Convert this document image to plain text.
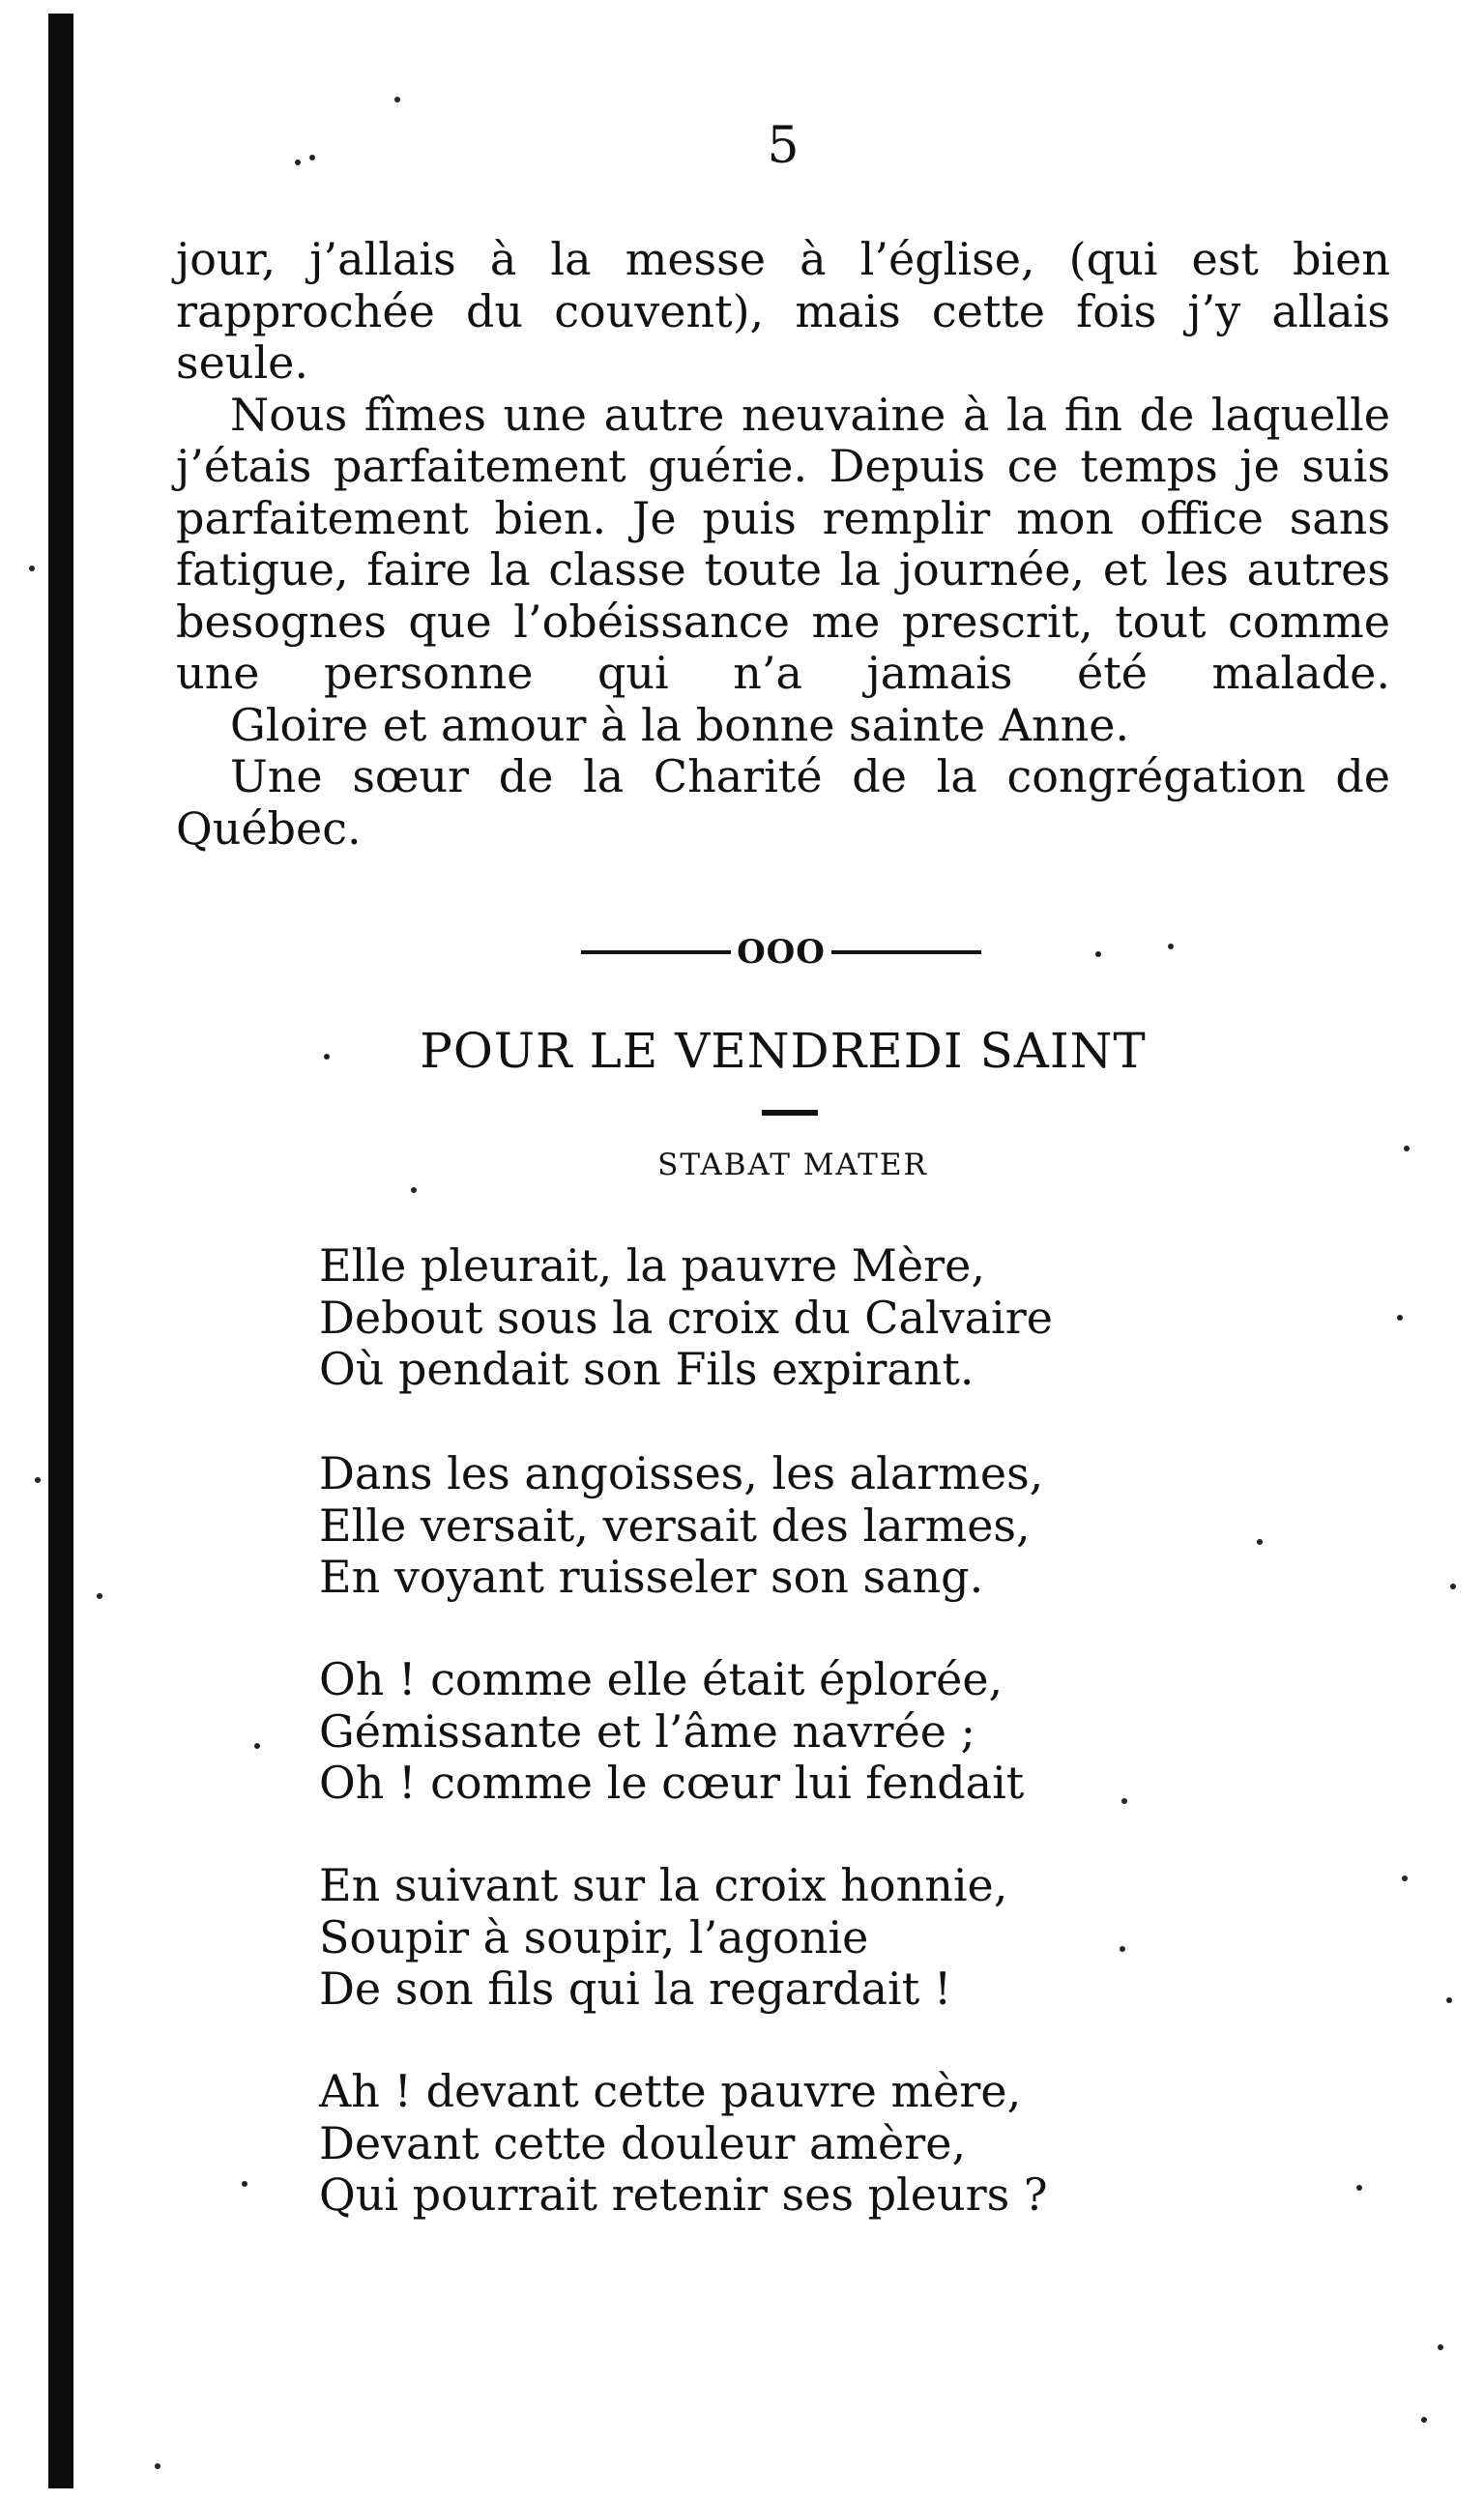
5

jour, j’allais à la messe à l’église, (qui est bien rapprochée du couvent), mais cette fois j’y allais seule.

Nous fîmes une autre neuvaine à la fin de laquelle j’étais parfaitement guérie. Depuis ce temps je suis parfaitement bien. Je puis remplir mon office sans fatigue, faire la classe toute la journée, et les autres besognes que l’obéissance me prescrit, tout comme une personne qui n’a jamais été malade.

Gloire et amour à la bonne sainte Anne.

Une sœur de la Charité de la congrégation de Québec.

OOO
POUR LE VENDREDI SAINT
STABAT MATER
Elle pleurait, la pauvre Mère,
Debout sous la croix du Calvaire
Où pendait son Fils expirant.
Dans les angoisses, les alarmes,
Elle versait, versait des larmes,
En voyant ruisseler son sang.
Oh ! comme elle était éplorée,
Gémissante et l’âme navrée ;
Oh ! comme le cœur lui fendait
En suivant sur la croix honnie,
Soupir à soupir, l’agonie
De son fils qui la regardait !
Ah ! devant cette pauvre mère,
Devant cette douleur amère,
Qui pourrait retenir ses pleurs ?
